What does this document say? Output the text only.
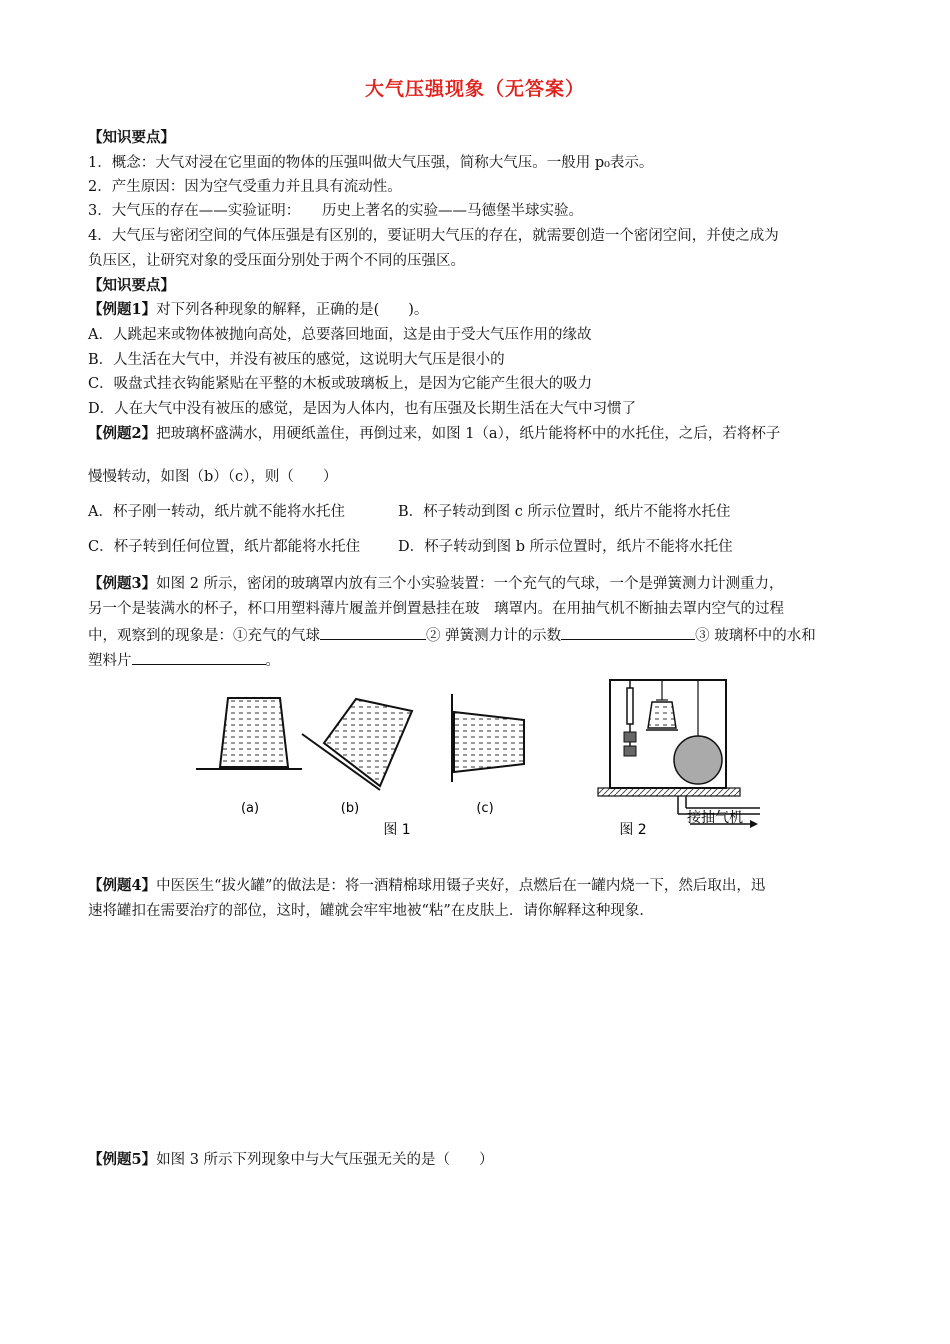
大气压强现象（无答案）
【知识要点】
1．概念：大气对浸在它里面的物体的压强叫做大气压强，简称大气压。一般用 p₀表示。
2．产生原因：因为空气受重力并且具有流动性。
3．大气压的存在——实验证明：　　历史上著名的实验——马德堡半球实验。
4．大气压与密闭空间的气体压强是有区别的，要证明大气压的存在，就需要创造一个密闭空间，并使之成为
负压区，让研究对象的受压面分别处于两个不同的压强区。
【知识要点】
【例题1】对下列各种现象的解释，正确的是(　　)。
A．人跳起来或物体被抛向高处，总要落回地面，这是由于受大气压作用的缘故
B．人生活在大气中，并没有被压的感觉，这说明大气压是很小的
C．吸盘式挂衣钩能紧贴在平整的木板或玻璃板上，是因为它能产生很大的吸力
D．人在大气中没有被压的感觉，是因为人体内，也有压强及长期生活在大气中习惯了
【例题2】把玻璃杯盛满水，用硬纸盖住，再倒过来，如图 1（a），纸片能将杯中的水托住，之后，若将杯子
慢慢转动，如图（b）（c），则（　　）
A．杯子刚一转动，纸片就不能将水托住	B．杯子转动到图 c 所示位置时，纸片不能将水托住
C．杯子转到任何位置，纸片都能将水托住	D．杯子转动到图 b 所示位置时，纸片不能将水托住
【例题3】如图 2 所示，密闭的玻璃罩内放有三个小实验装置：一个充气的气球，一个是弹簧测力计测重力，
另一个是装满水的杯子，杯口用塑料薄片履盖并倒置悬挂在玻　璃罩内。在用抽气机不断抽去罩内空气的过程
中，观察到的现象是：①充气的气球	② 弹簧测力计的示数	③ 玻璃杯中的水和
塑料片	。
(a)	(b)	(c)
图 1
接抽气机
图 2
【例题4】中医医生“拔火罐”的做法是：将一酒精棉球用镊子夹好，点燃后在一罐内烧一下，然后取出，迅
速将罐扣在需要治疗的部位，这时，罐就会牢牢地被“粘”在皮肤上．请你解释这种现象．
【例题5】如图 3 所示下列现象中与大气压强无关的是（　　）
